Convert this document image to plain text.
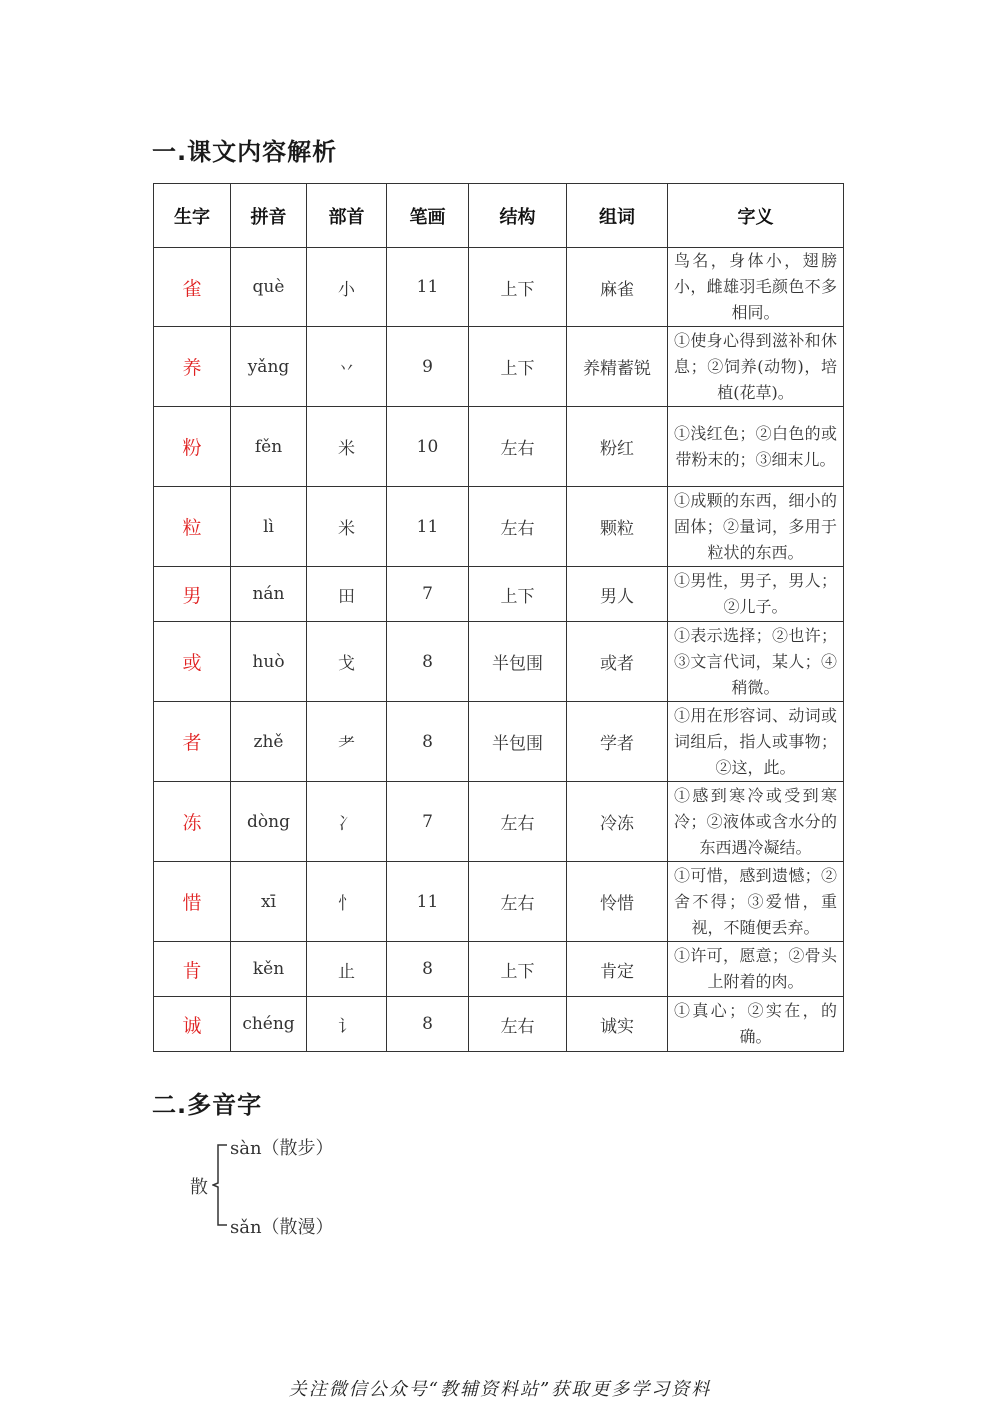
一.课文内容解析
生字	拼音	部首	笔画	结构	组词	字义
雀	què	小	11	上下	麻雀	鸟名，身体小，翅膀小，雌雄羽毛颜色不多相同。
养	yǎng	丷	9	上下	养精蓄锐	①使身心得到滋补和休息；②饲养(动物)，培植(花草)。
粉	fěn	米	10	左右	粉红	①浅红色；②白色的或带粉末的；③细末儿。
粒	lì	米	11	左右	颗粒	①成颗的东西，细小的固体；②量词，多用于粒状的东西。
男	nán	田	7	上下	男人	①男性，男子，男人；②儿子。
或	huò	戈	8	半包围	或者	①表示选择；②也许；③文言代词，某人；④稍微。
者	zhě	耂	8	半包围	学者	①用在形容词、动词或词组后，指人或事物；②这，此。
冻	dòng	冫	7	左右	冷冻	①感到寒冷或受到寒冷；②液体或含水分的东西遇冷凝结。
惜	xī	忄	11	左右	怜惜	①可惜，感到遗憾；②舍不得；③爱惜，重视，不随便丢弃。
肯	kěn	止	8	上下	肯定	①许可，愿意；②骨头上附着的肉。
诚	chéng	讠	8	左右	诚实	①真心；②实在，的确。
二.多音字
散
sàn（散步）
sǎn（散漫）
关注微信公众号“教辅资料站”获取更多学习资料
